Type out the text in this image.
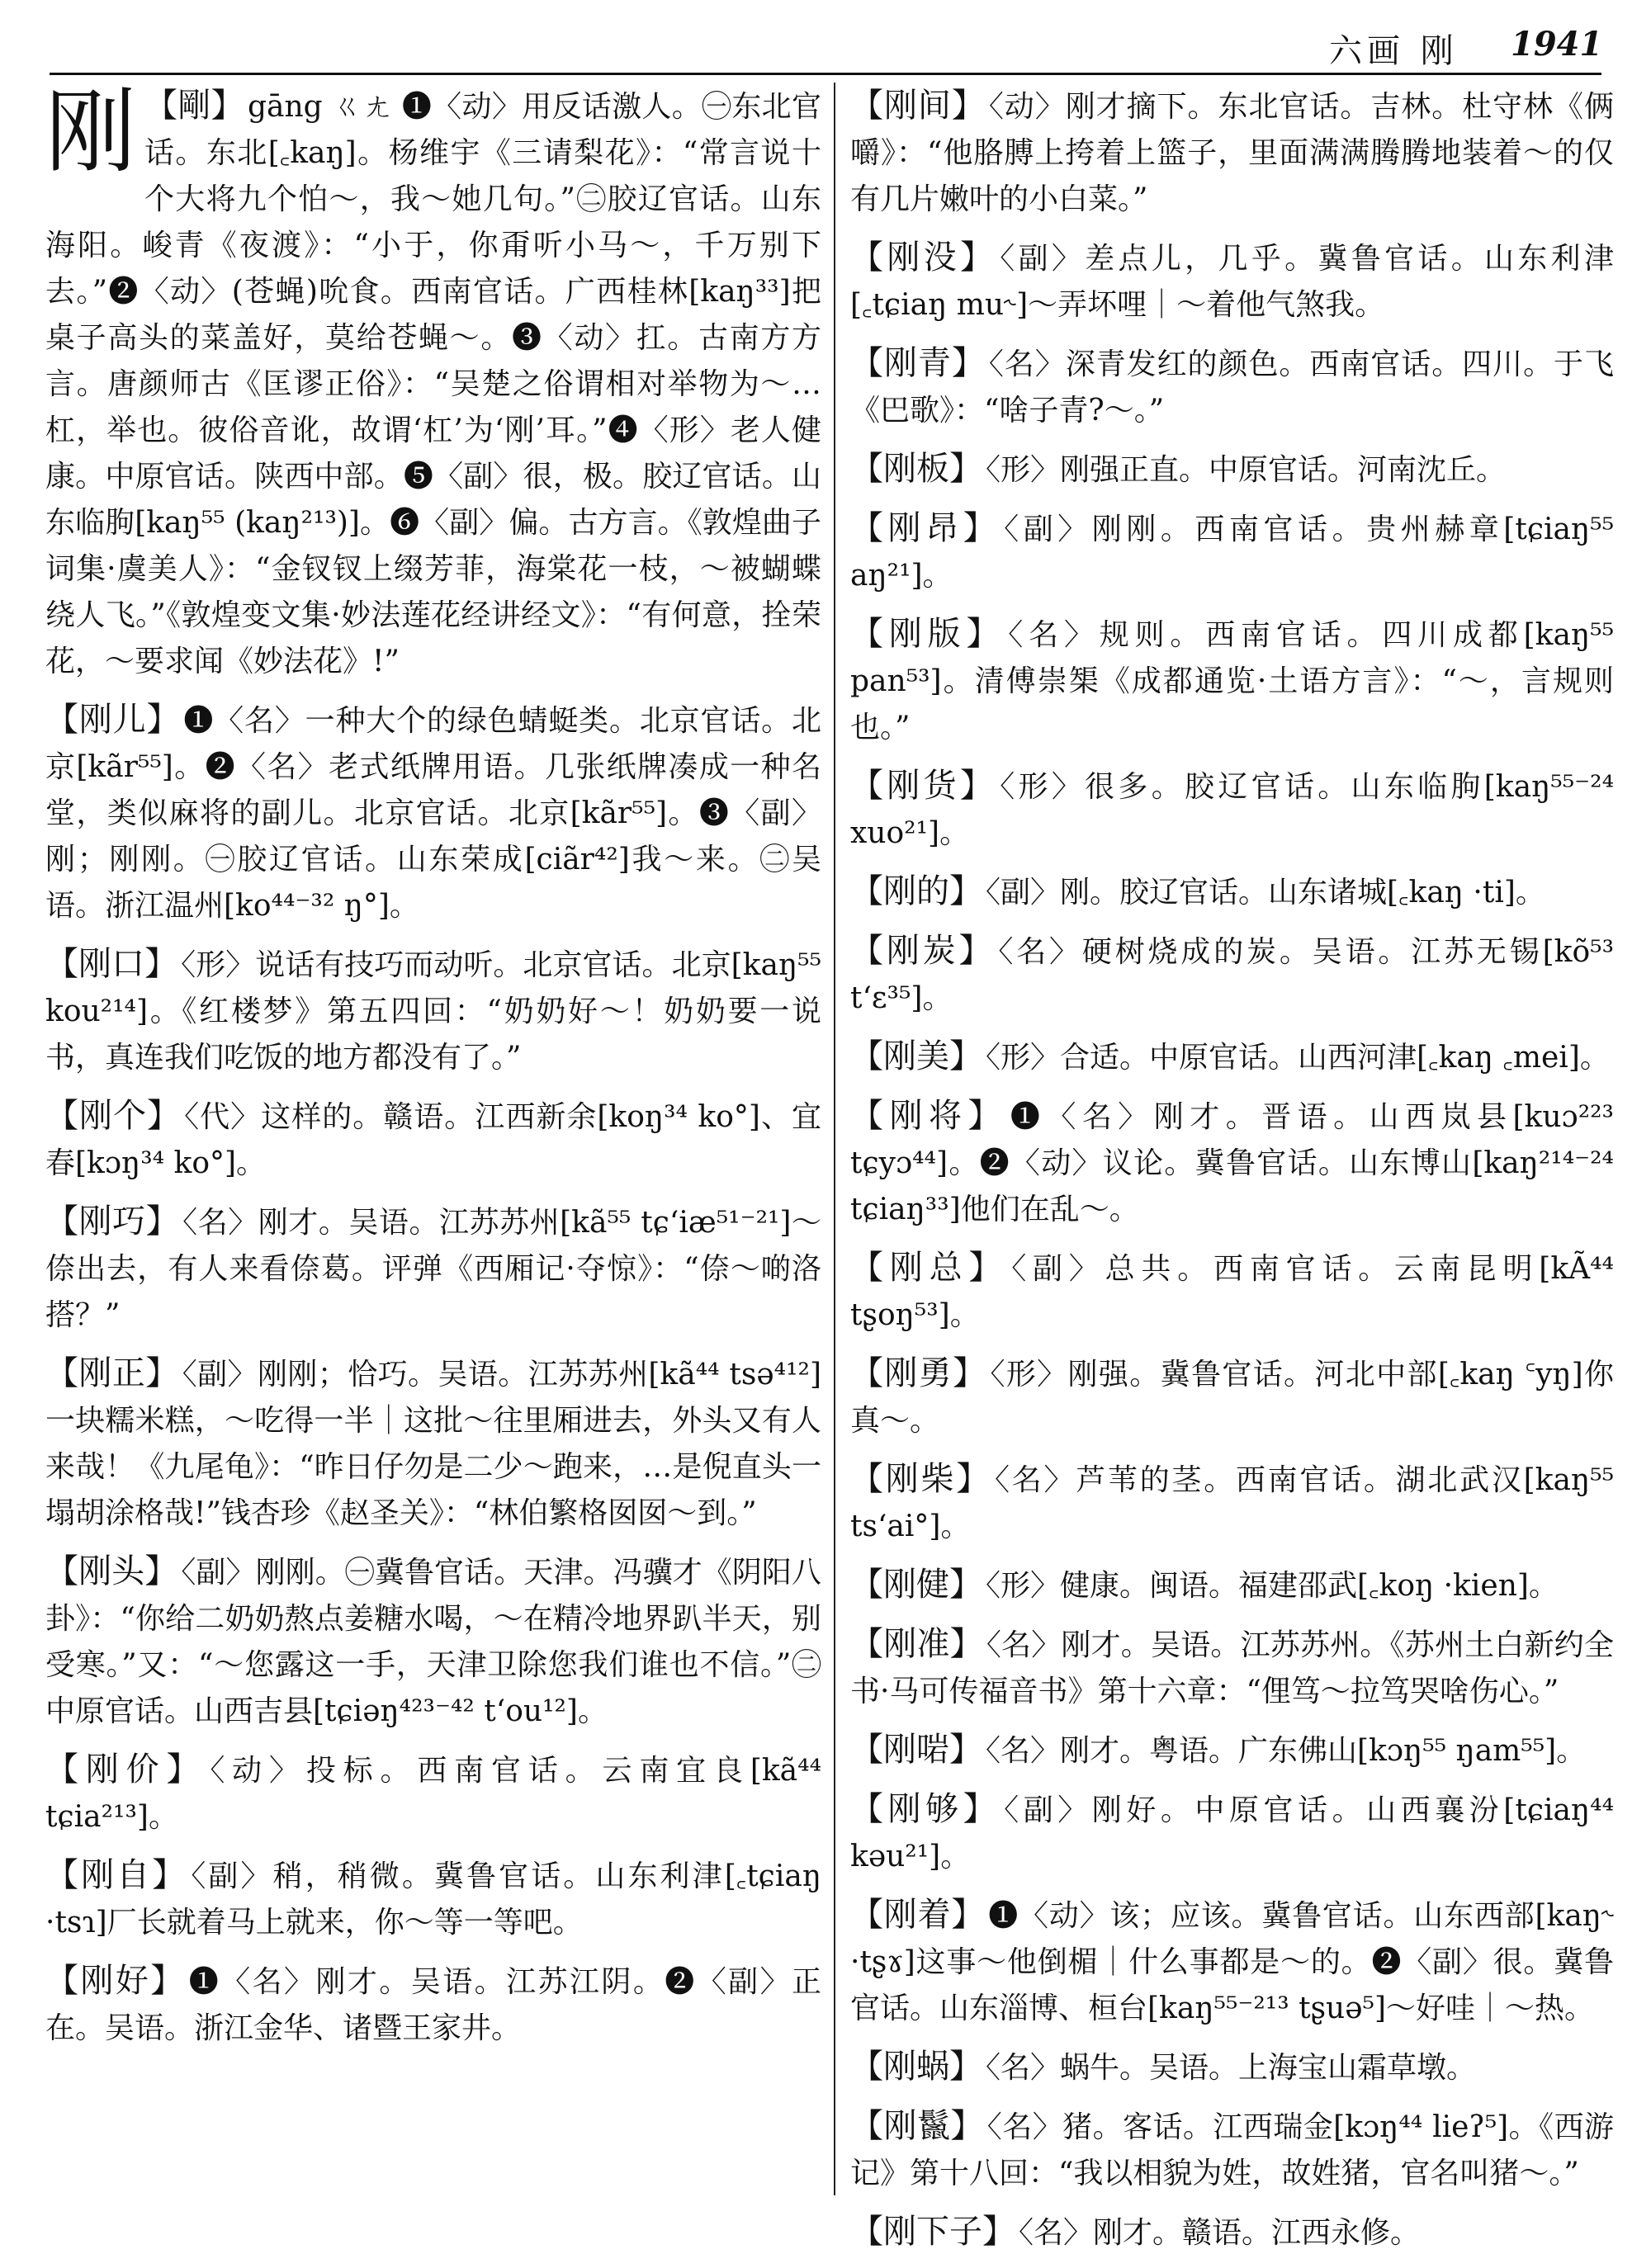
六画 刚 1941
刚 【剛】 gāng ㄍㄤ ❶〈动〉用反话激人。㊀东北官话。东北[꜀kaŋ]。杨维宇《三请梨花》：“常言说十个大将九个怕～，我～她几句。”㊁胶辽官话。山东海阳。峻青《夜渡》：“小于，你甭听小马～，千万别下去。”❷〈动〉(苍蝇)吮食。西南官话。广西桂林[kaŋ³³]把桌子高头的菜盖好，莫给苍蝇～。❸〈动〉扛。古南方方言。唐颜师古《匡谬正俗》：“吴楚之俗谓相对举物为～…杠，举也。彼俗音讹，故谓‘杠’为‘刚’耳。”❹〈形〉老人健康。中原官话。陕西中部。❺〈副〉很，极。胶辽官话。山东临朐[kaŋ⁵⁵ (kaŋ²¹³)]。❻〈副〉偏。古方言。《敦煌曲子词集·虞美人》：“金钗钗上缀芳菲，海棠花一枝，～被蝴蝶绕人飞。”《敦煌变文集·妙法莲花经讲经文》：“有何意，拴荣花，～要求闻《妙法花》!”
【刚儿】 ❶〈名〉一种大个的绿色蜻蜓类。北京官话。北京[kãr⁵⁵]。❷〈名〉老式纸牌用语。几张纸牌凑成一种名堂，类似麻将的副儿。北京官话。北京[kãr⁵⁵]。❸〈副〉刚；刚刚。㊀胶辽官话。山东荣成[ciãr⁴²]我～来。㊁吴语。浙江温州[ko⁴⁴⁻³² ŋ°]。
【刚口】 〈形〉说话有技巧而动听。北京官话。北京[kaŋ⁵⁵ kou²¹⁴]。《红楼梦》第五四回：“奶奶好～！奶奶要一说书，真连我们吃饭的地方都没有了。”
【刚个】 〈代〉这样的。赣语。江西新余[koŋ³⁴ ko°]、宜春[kɔŋ³⁴ ko°]。
【刚巧】 〈名〉刚才。吴语。江苏苏州[kã⁵⁵ tɕʻiæ⁵¹⁻²¹]～倷出去，有人来看倷葛。评弹《西厢记·夺惊》：“倷～啲洛搭？”
【刚正】 〈副〉刚刚；恰巧。吴语。江苏苏州[kã⁴⁴ tsə⁴¹²]一块糯米糕，～吃得一半｜这批～往里厢进去，外头又有人来哉！《九尾龟》：“昨日仔勿是二少～跑来，…是倪直头一塌胡涂格哉!”钱杏珍《赵圣关》：“林伯繁格囡囡～到。”
【刚头】 〈副〉刚刚。㊀冀鲁官话。天津。冯骥才《阴阳八卦》：“你给二奶奶熬点姜糖水喝，～在精冷地界趴半天，别受寒。”又：“～您露这一手，天津卫除您我们谁也不信。”㊁中原官话。山西吉县[tɕiəŋ⁴²³⁻⁴² tʻou¹²]。
【刚价】 〈动〉投标。西南官话。云南宜良[kã⁴⁴ tɕia²¹³]。
【刚自】 〈副〉稍，稍微。冀鲁官话。山东利津[꜀tɕiaŋ ·tsɿ]厂长就着马上就来，你～等一等吧。
【刚好】 ❶〈名〉刚才。吴语。江苏江阴。❷〈副〉正在。吴语。浙江金华、诸暨王家井。
【刚间】 〈动〉刚才摘下。东北官话。吉林。杜守林《俩嚼》：“他胳膊上挎着上篮子，里面满满腾腾地装着～的仅有几片嫩叶的小白菜。”
【刚没】 〈副〉差点儿，几乎。冀鲁官话。山东利津[꜀tɕiaŋ mu˞]～弄坏哩｜～着他气煞我。
【刚青】 〈名〉深青发红的颜色。西南官话。四川。于飞《巴歌》：“啥子青?～。”
【刚板】 〈形〉刚强正直。中原官话。河南沈丘。
【刚昂】 〈副〉刚刚。西南官话。贵州赫章[tɕiaŋ⁵⁵ aŋ²¹]。
【刚版】 〈名〉规则。西南官话。四川成都[kaŋ⁵⁵ pan⁵³]。清傅崇榘《成都通览·土语方言》：“～，言规则也。”
【刚货】 〈形〉很多。胶辽官话。山东临朐[kaŋ⁵⁵⁻²⁴ xuo²¹]。
【刚的】 〈副〉刚。胶辽官话。山东诸城[꜀kaŋ ·ti]。
【刚炭】 〈名〉硬树烧成的炭。吴语。江苏无锡[kõ⁵³ tʻɛ³⁵]。
【刚美】 〈形〉合适。中原官话。山西河津[꜀kaŋ ꜀mei]。
【刚将】 ❶〈名〉刚才。晋语。山西岚县[kuɔ²²³ tɕyɔ⁴⁴]。❷〈动〉议论。冀鲁官话。山东博山[kaŋ²¹⁴⁻²⁴ tɕiaŋ³³]他们在乱～。
【刚总】 〈副〉总共。西南官话。云南昆明[kÃ⁴⁴ tʂoŋ⁵³]。
【刚勇】 〈形〉刚强。冀鲁官话。河北中部[꜀kaŋ ꜂yŋ]你真～。
【刚柴】 〈名〉芦苇的茎。西南官话。湖北武汉[kaŋ⁵⁵ tsʻai°]。
【刚健】 〈形〉健康。闽语。福建邵武[꜀koŋ ·kien]。
【刚准】 〈名〉刚才。吴语。江苏苏州。《苏州土白新约全书·马可传福音书》第十六章：“俚笃～拉笃哭啥伤心。”
【刚啱】 〈名〉刚才。粤语。广东佛山[kɔŋ⁵⁵ ŋam⁵⁵]。
【刚够】 〈副〉刚好。中原官话。山西襄汾[tɕiaŋ⁴⁴ kəu²¹]。
【刚着】 ❶〈动〉该；应该。冀鲁官话。山东西部[kaŋ˞ ·tʂɤ]这事～他倒楣｜什么事都是～的。❷〈副〉很。冀鲁官话。山东淄博、桓台[kaŋ⁵⁵⁻²¹³ tʂuə⁵]～好哇｜～热。
【刚蜗】 〈名〉蜗牛。吴语。上海宝山霜草墩。
【刚鬣】 〈名〉猪。客话。江西瑞金[kɔŋ⁴⁴ lieʔ⁵]。《西游记》第十八回：“我以相貌为姓，故姓猪，官名叫猪～。”
【刚下子】 〈名〉刚才。赣语。江西永修。
